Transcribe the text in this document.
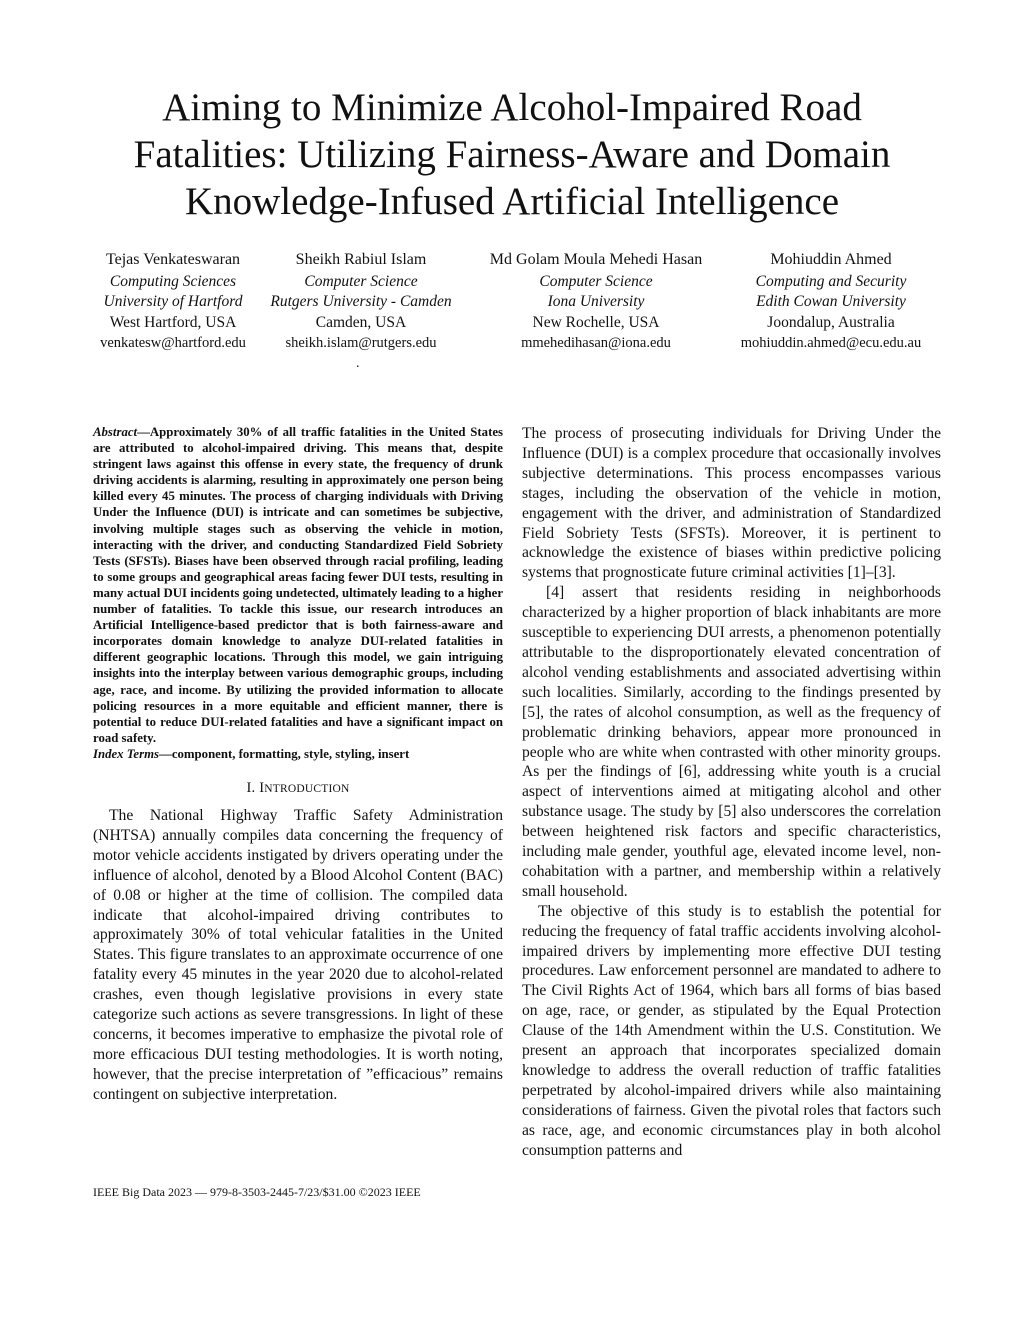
Aiming to Minimize Alcohol-Impaired Road
Fatalities: Utilizing Fairness-Aware and Domain
Knowledge-Infused Artificial Intelligence
Tejas Venkateswaran
Computing Sciences
University of Hartford
West Hartford, USA
venkatesw@hartford.edu
Sheikh Rabiul Islam
Computer Science
Rutgers University - Camden
Camden, USA
sheikh.islam@rutgers.edu
Md Golam Moula Mehedi Hasan
Computer Science
Iona University
New Rochelle, USA
mmehedihasan@iona.edu
Mohiuddin Ahmed
Computing and Security
Edith Cowan University
Joondalup, Australia
mohiuddin.ahmed@ecu.edu.au
.

Abstract—Approximately 30% of all traffic fatalities in the United States are attributed to alcohol-impaired driving. This means that, despite stringent laws against this offense in every state, the frequency of drunk driving accidents is alarming, resulting in approximately one person being killed every 45 minutes. The process of charging individuals with Driving Under the Influence (DUI) is intricate and can sometimes be subjective, involving multiple stages such as observing the vehicle in motion, interacting with the driver, and conducting Standardized Field Sobriety Tests (SFSTs). Biases have been observed through racial profiling, leading to some groups and geographical areas facing fewer DUI tests, resulting in many actual DUI incidents going undetected, ultimately leading to a higher number of fatalities. To tackle this issue, our research introduces an Artificial Intelligence-based predictor that is both fairness-aware and incorporates domain knowledge to analyze DUI-related fatalities in different geographic locations. Through this model, we gain intriguing insights into the interplay between various demographic groups, including age, race, and income. By utilizing the provided information to allocate policing resources in a more equitable and efficient manner, there is potential to reduce DUI-related fatalities and have a significant impact on road safety.

Index Terms—component, formatting, style, styling, insert

I. INTRODUCTION

The National Highway Traffic Safety Administration (NHTSA) annually compiles data concerning the frequency of motor vehicle accidents instigated by drivers operating under the influence of alcohol, denoted by a Blood Alcohol Content (BAC) of 0.08 or higher at the time of collision. The compiled data indicate that alcohol-impaired driving contributes to approximately 30% of total vehicular fatalities in the United States. This figure translates to an approximate occurrence of one fatality every 45 minutes in the year 2020 due to alcohol-related crashes, even though legislative provisions in every state categorize such actions as severe transgressions. In light of these concerns, it becomes imperative to emphasize the pivotal role of more efficacious DUI testing methodologies. It is worth noting, however, that the precise interpretation of ”efficacious” remains contingent on subjective interpretation.

IEEE Big Data 2023 — 979-8-3503-2445-7/23/$31.00 ©2023 IEEE

The process of prosecuting individuals for Driving Under the Influence (DUI) is a complex procedure that occasionally involves subjective determinations. This process encompasses various stages, including the observation of the vehicle in motion, engagement with the driver, and administration of Standardized Field Sobriety Tests (SFSTs). Moreover, it is pertinent to acknowledge the existence of biases within predictive policing systems that prognosticate future criminal activities [1]–[3].

[4] assert that residents residing in neighborhoods characterized by a higher proportion of black inhabitants are more susceptible to experiencing DUI arrests, a phenomenon potentially attributable to the disproportionately elevated concentration of alcohol vending establishments and associated advertising within such localities. Similarly, according to the findings presented by [5], the rates of alcohol consumption, as well as the frequency of problematic drinking behaviors, appear more pronounced in people who are white when contrasted with other minority groups. As per the findings of [6], addressing white youth is a crucial aspect of interventions aimed at mitigating alcohol and other substance usage. The study by [5] also underscores the correlation between heightened risk factors and specific characteristics, including male gender, youthful age, elevated income level, non-cohabitation with a partner, and membership within a relatively small household.

The objective of this study is to establish the potential for reducing the frequency of fatal traffic accidents involving alcohol-impaired drivers by implementing more effective DUI testing procedures. Law enforcement personnel are mandated to adhere to The Civil Rights Act of 1964, which bars all forms of bias based on age, race, or gender, as stipulated by the Equal Protection Clause of the 14th Amendment within the U.S. Constitution. We present an approach that incorporates specialized domain knowledge to address the overall reduction of traffic fatalities perpetrated by alcohol-impaired drivers while also maintaining considerations of fairness. Given the pivotal roles that factors such as race, age, and economic circumstances play in both alcohol consumption patterns and
